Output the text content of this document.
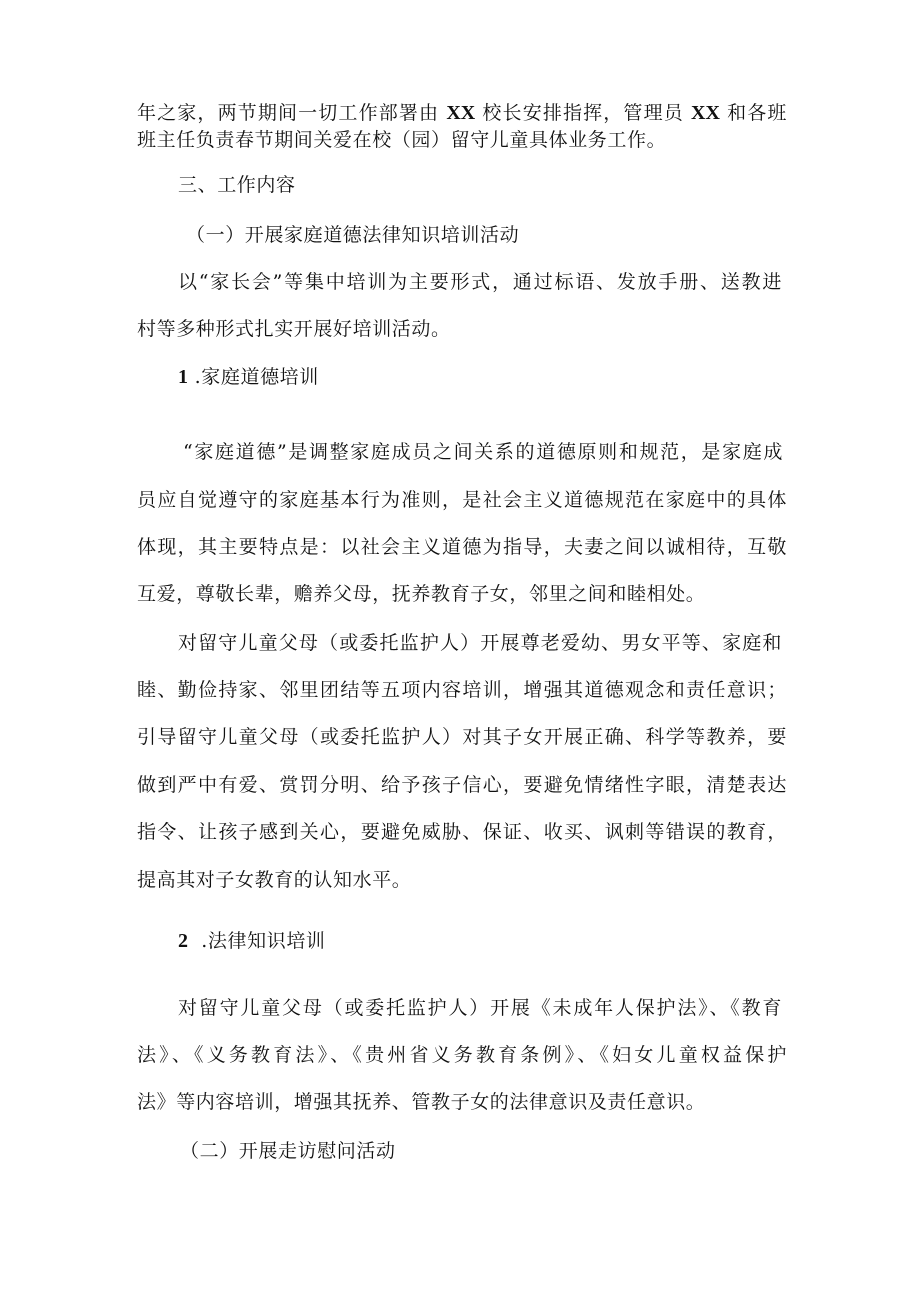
年之家，两节期间一切工作部署由 XX 校长安排指挥，管理员 XX 和各班
班主任负责春节期间关爱在校（园）留守儿童具体业务工作。
三、工作内容
（一）开展家庭道德法律知识培训活动
以“家长会”等集中培训为主要形式，通过标语、发放手册、送教进
村等多种形式扎实开展好培训活动。
1 .家庭道德培训
“家庭道德”是调整家庭成员之间关系的道德原则和规范，是家庭成
员应自觉遵守的家庭基本行为准则，是社会主义道德规范在家庭中的具体
体现，其主要特点是：以社会主义道德为指导，夫妻之间以诚相待，互敬
互爱，尊敬长辈，赡养父母，抚养教育子女，邻里之间和睦相处。
对留守儿童父母（或委托监护人）开展尊老爱幼、男女平等、家庭和
睦、勤俭持家、邻里团结等五项内容培训，增强其道德观念和责任意识；
引导留守儿童父母（或委托监护人）对其子女开展正确、科学等教养，要
做到严中有爱、赏罚分明、给予孩子信心，要避免情绪性字眼，清楚表达
指令、让孩子感到关心，要避免威胁、保证、收买、讽刺等错误的教育，
提高其对子女教育的认知水平。
2  .法律知识培训
对留守儿童父母（或委托监护人）开展《未成年人保护法》、《教育
法》、《义务教育法》、《贵州省义务教育条例》、《妇女儿童权益保护
法》等内容培训，增强其抚养、管教子女的法律意识及责任意识。
（二）开展走访慰问活动
